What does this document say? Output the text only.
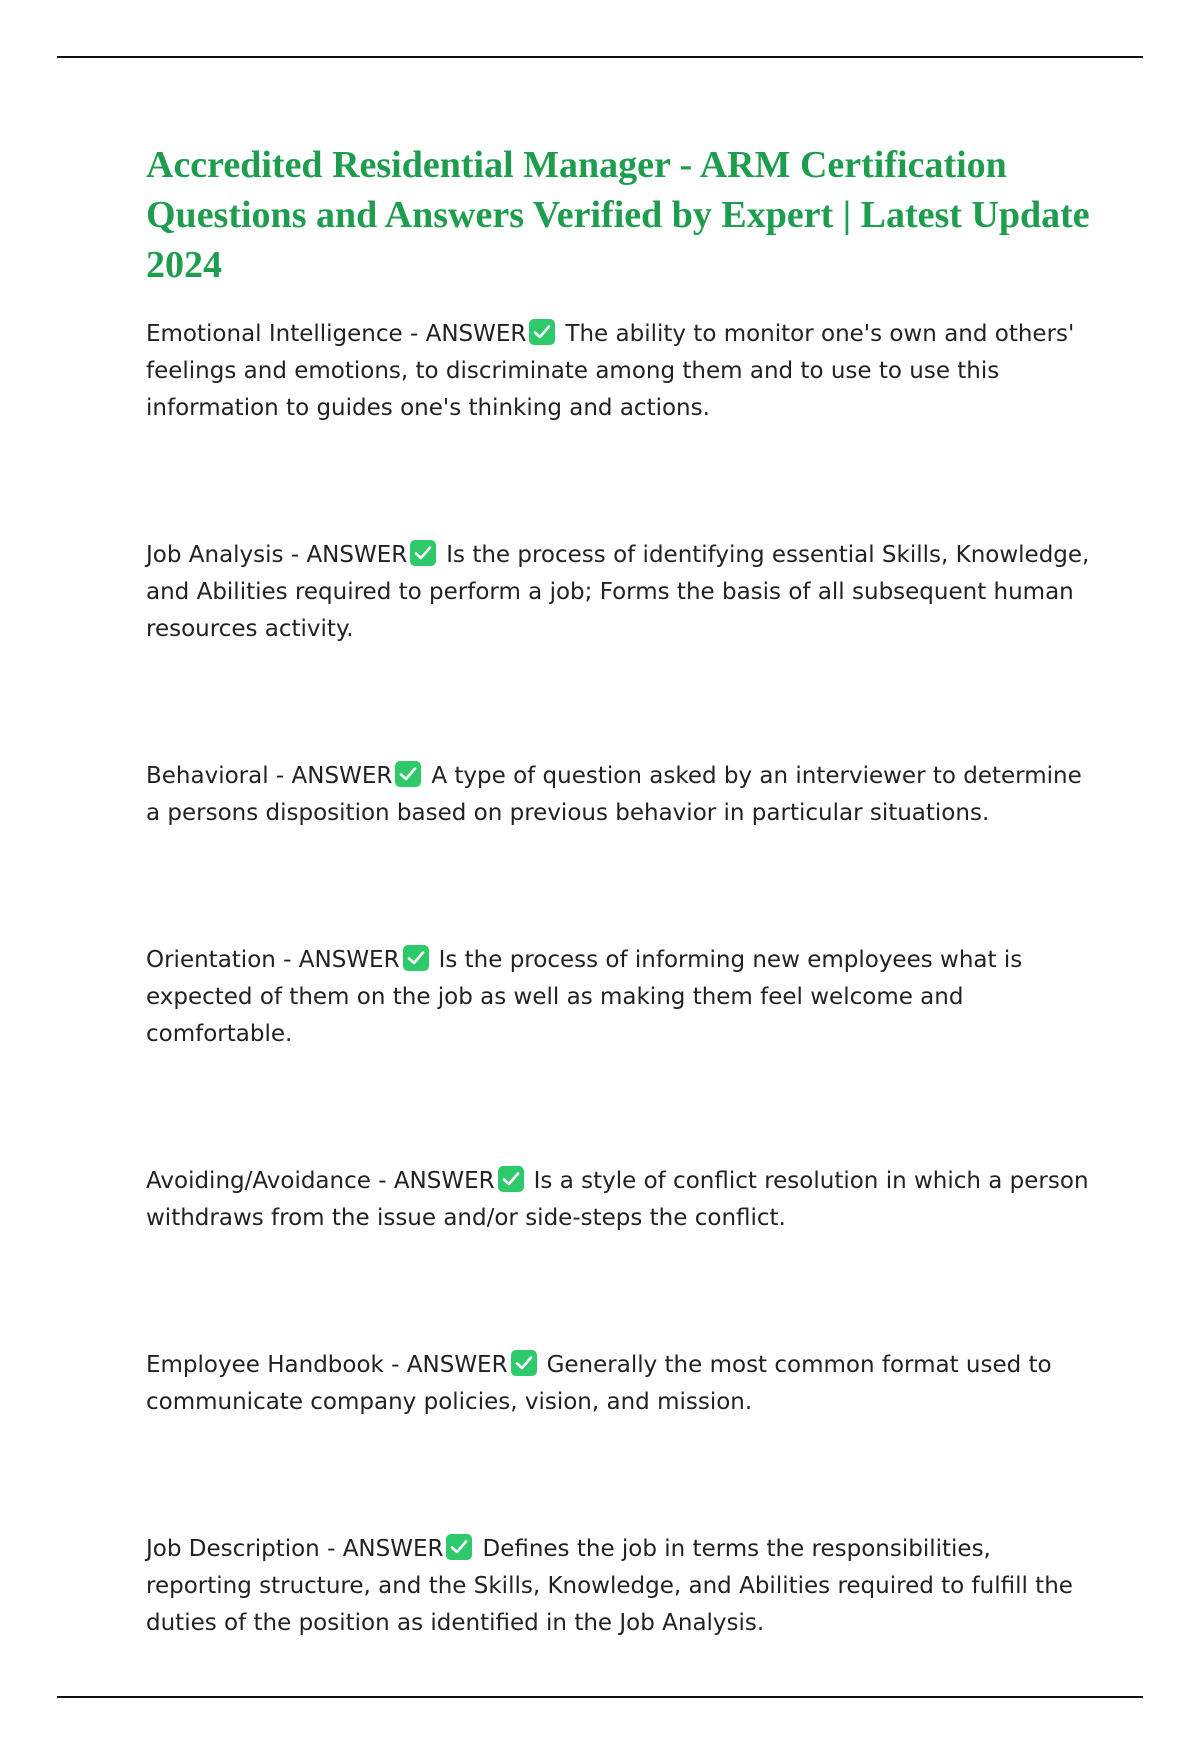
Accredited Residential Manager - ARM Certification Questions and Answers Verified by Expert | Latest Update 2024

Emotional Intelligence - ANSWER The ability to monitor one's own and others' feelings and emotions, to discriminate among them and to use to use this information to guides one's thinking and actions.

Job Analysis - ANSWER Is the process of identifying essential Skills, Knowledge, and Abilities required to perform a job; Forms the basis of all subsequent human resources activity.

Behavioral - ANSWER A type of question asked by an interviewer to determine a persons disposition based on previous behavior in particular situations.

Orientation - ANSWER Is the process of informing new employees what is expected of them on the job as well as making them feel welcome and comfortable.

Avoiding/Avoidance - ANSWER Is a style of conflict resolution in which a person withdraws from the issue and/or side-steps the conflict.

Employee Handbook - ANSWER Generally the most common format used to communicate company policies, vision, and mission.

Job Description - ANSWER Defines the job in terms the responsibilities, reporting structure, and the Skills, Knowledge, and Abilities required to fulfill the duties of the position as identified in the Job Analysis.
